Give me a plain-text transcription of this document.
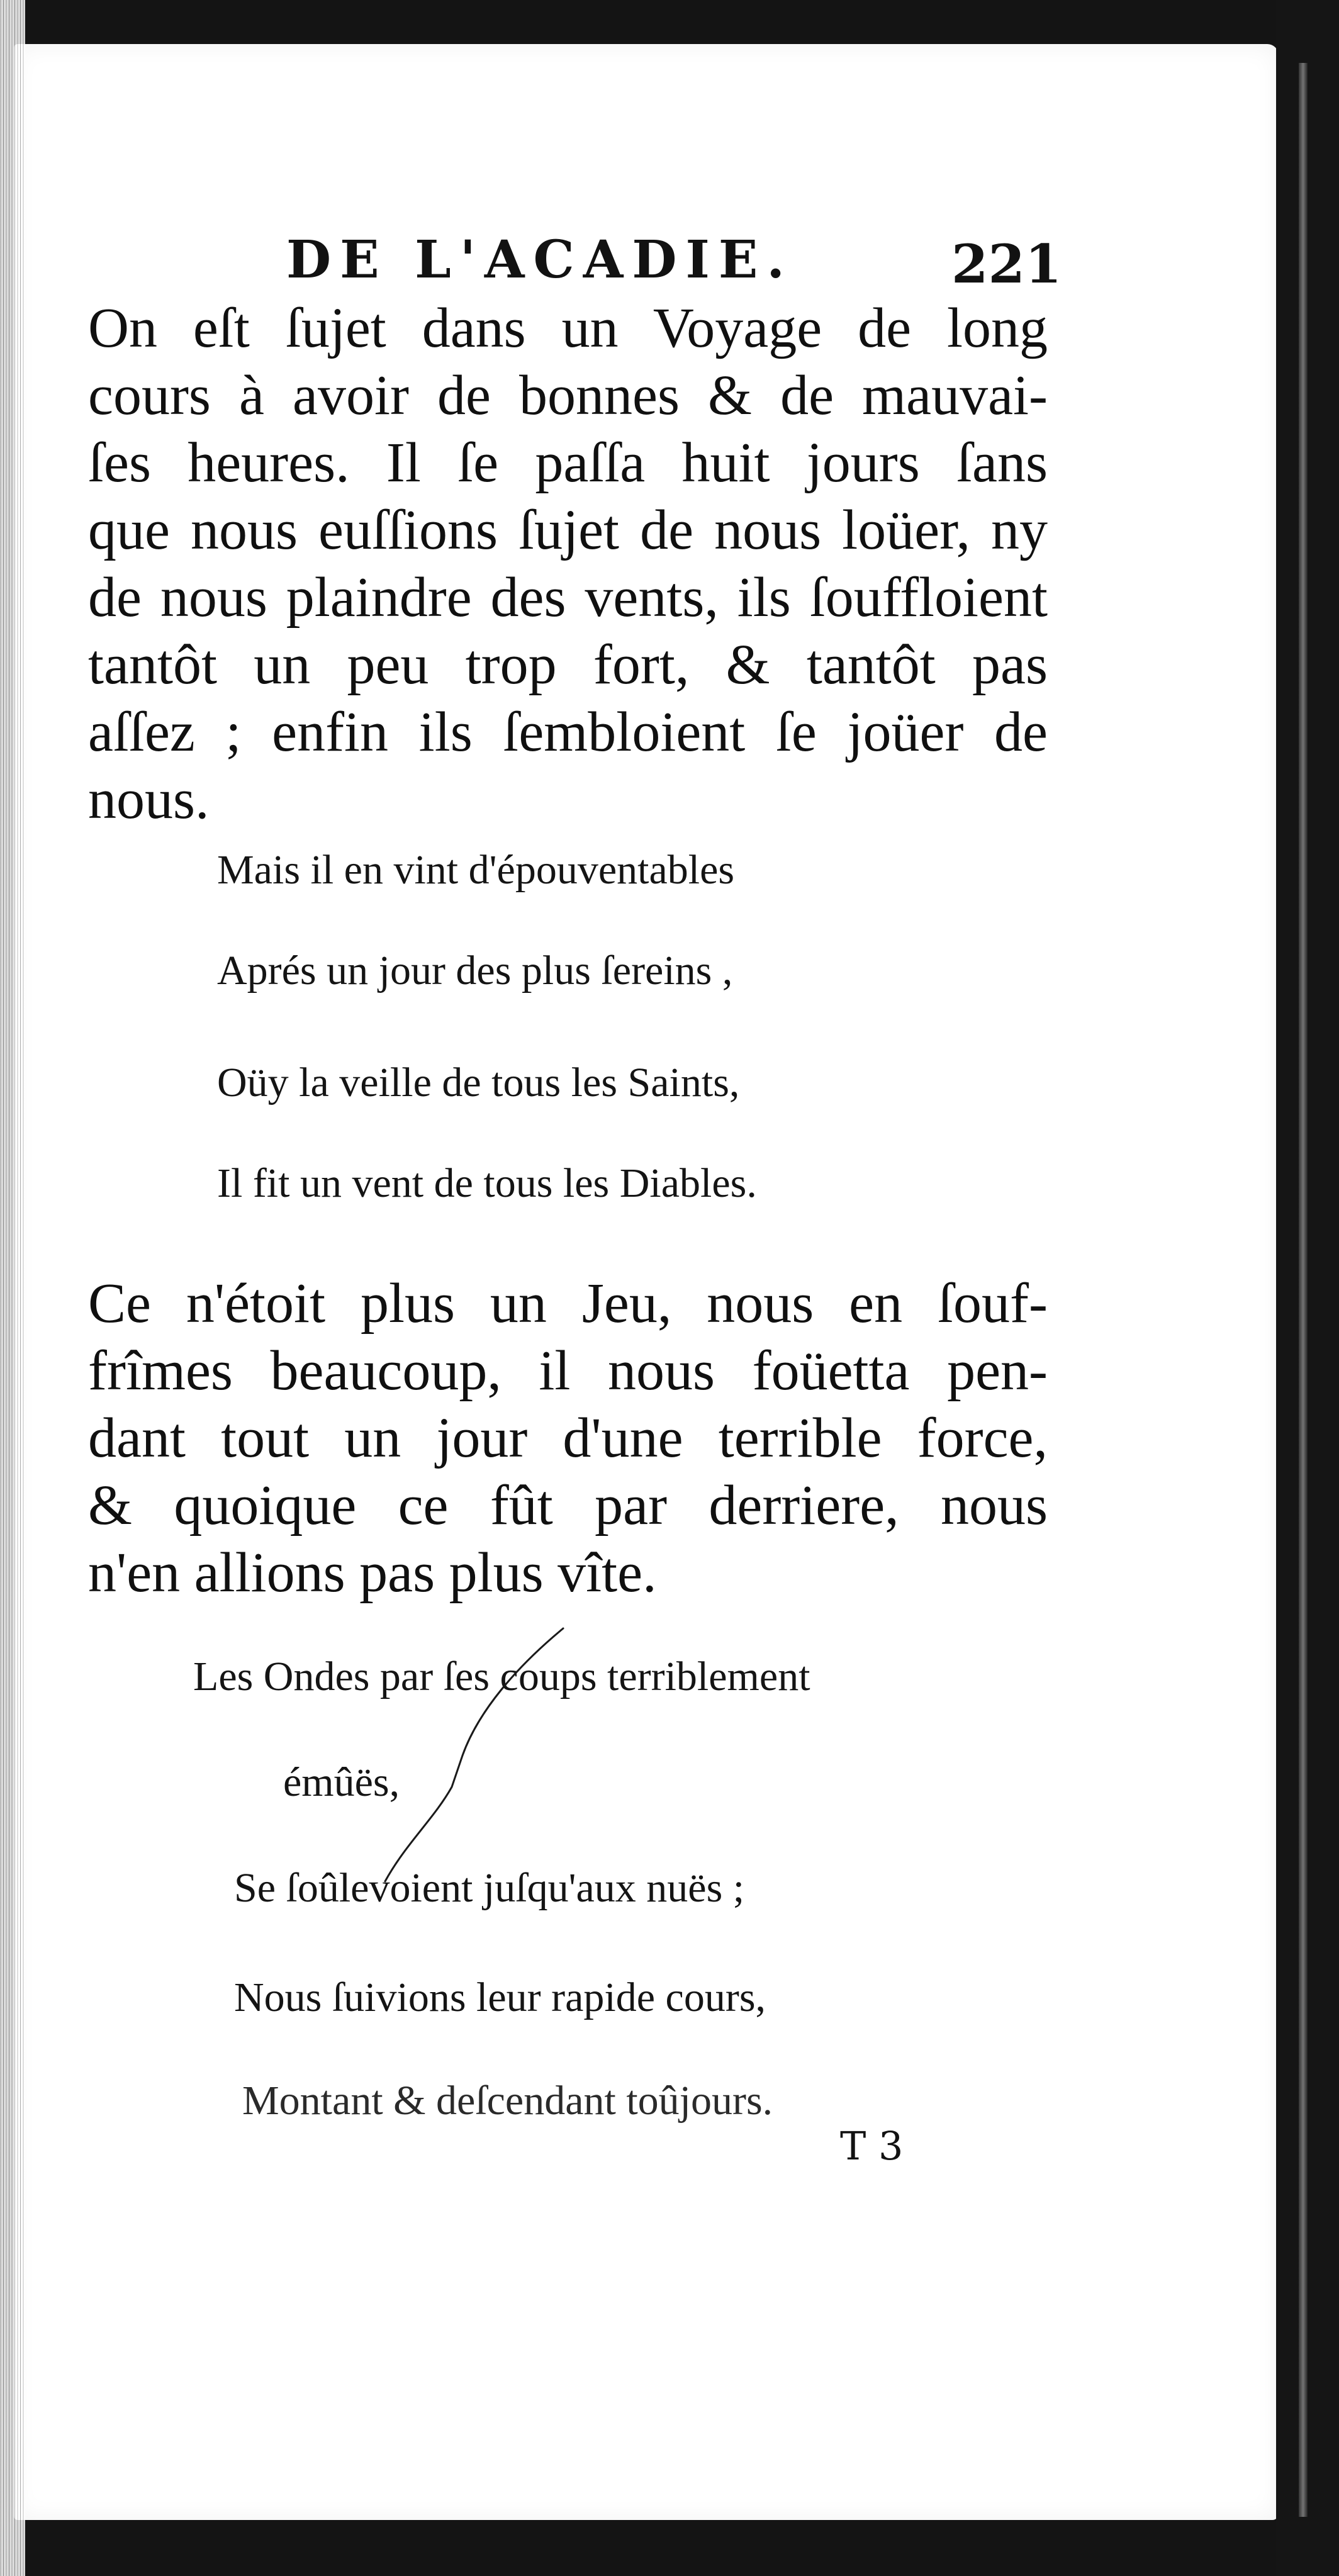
DE L'ACADIE.	221

On eſt ſujet dans un Voyage de long
cours à avoir de bonnes & de mauvai-
ſes heures. Il ſe paſſa huit jours ſans
que nous euſſions ſujet de nous loüer, ny
de nous plaindre des vents, ils ſouffloient
tantôt un peu trop fort, & tantôt pas
aſſez ; enfin ils ſembloient ſe joüer de
nous.

Mais il en vint d'épouventables

Aprés un jour des plus ſereins ,

Oüy la veille de tous les Saints,

Il fit un vent de tous les Diables.

Ce n'étoit plus un Jeu, nous en ſouf-
frîmes beaucoup, il nous foüetta pen-
dant tout un jour d'une terrible force,
& quoique ce fût par derriere, nous
n'en allions pas plus vîte.

Les Ondes par ſes coups terriblement

émûës,

Se ſoûlevoient juſqu'aux nuës ;

Nous ſuivions leur rapide cours,

Montant & deſcendant toûjours.

T 3
